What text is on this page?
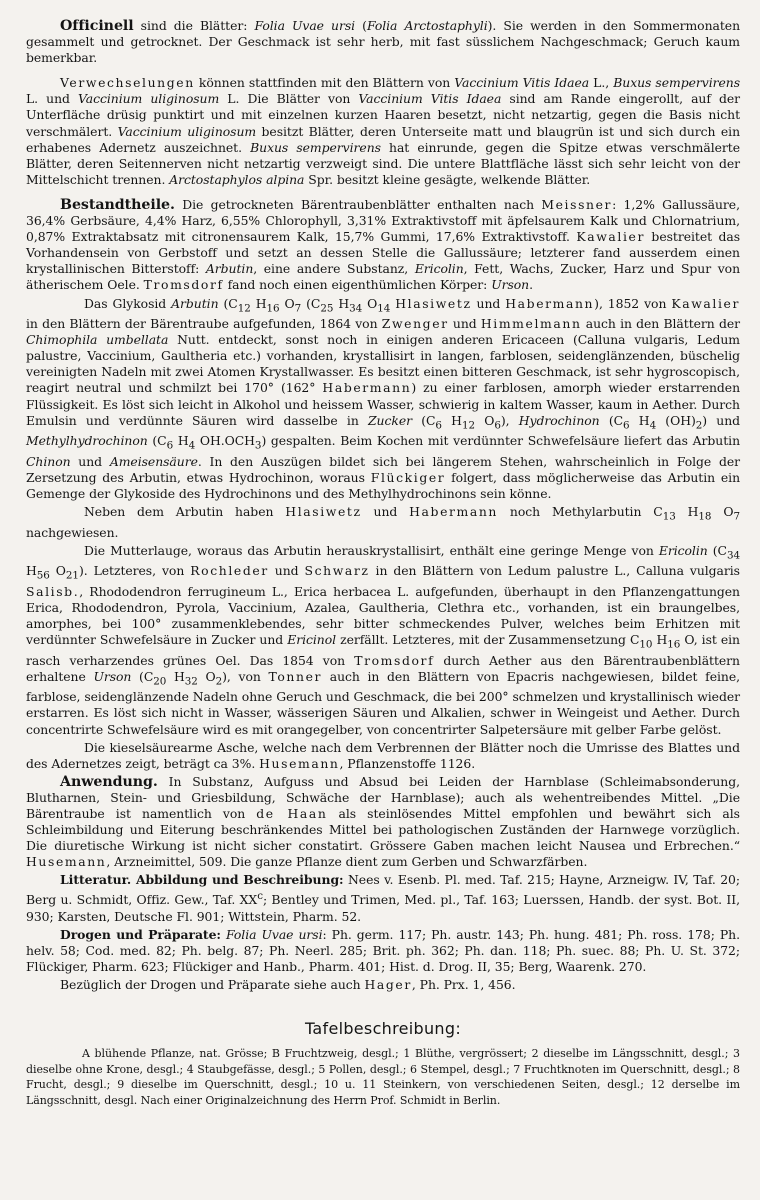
Officinell sind die Blätter: Folia Uvae ursi (Folia Arctostaphyli). Sie werden in den Sommermonaten gesammelt und getrocknet. Der Geschmack ist sehr herb, mit fast süsslichem Nachgeschmack; Geruch kaum bemerkbar.

Verwechselungen können stattfinden mit den Blättern von Vaccinium Vitis Idaea L., Buxus sempervirens L. und Vaccinium uliginosum L. Die Blätter von Vaccinium Vitis Idaea sind am Rande eingerollt, auf der Unterfläche drüsig punktirt und mit einzelnen kurzen Haaren besetzt, nicht netzartig, gegen die Basis nicht verschmälert. Vaccinium uliginosum besitzt Blätter, deren Unterseite matt und blaugrün ist und sich durch ein erhabenes Adernetz auszeichnet. Buxus sempervirens hat einrunde, gegen die Spitze etwas verschmälerte Blätter, deren Seitennerven nicht netzartig verzweigt sind. Die untere Blattfläche lässt sich sehr leicht von der Mittelschicht trennen. Arctostaphylos alpina Spr. besitzt kleine gesägte, welkende Blätter.

Bestandtheile. Die getrockneten Bärentraubenblätter enthalten nach Meissner: 1,2% Gallussäure, 36,4% Gerbsäure, 4,4% Harz, 6,55% Chlorophyll, 3,31% Extraktivstoff mit äpfelsaurem Kalk und Chlornatrium, 0,87% Extraktabsatz mit citronensaurem Kalk, 15,7% Gummi, 17,6% Extraktivstoff. Kawalier bestreitet das Vorhandensein von Gerbstoff und setzt an dessen Stelle die Gallussäure; letzterer fand ausserdem einen krystallinischen Bitterstoff: Arbutin, eine andere Substanz, Ericolin, Fett, Wachs, Zucker, Harz und Spur von ätherischem Oele. Tromsdorf fand noch einen eigenthümlichen Körper: Urson.

Das Glykosid Arbutin ($C_{12}$ $H_{16}$ $O_7$ ($C_{25}$ $H_{34}$ $O_{14}$ Hlasiwetz und Habermann), 1852 von Kawalier in den Blättern der Bärentraube aufgefunden, 1864 von Zwenger und Himmelmann auch in den Blättern der Chimophila umbellata Nutt. entdeckt, sonst noch in einigen anderen Ericaceen (Calluna vulgaris, Ledum palustre, Vaccinium, Gaultheria etc.) vorhanden, krystallisirt in langen, farblosen, seidenglänzenden, büschelig vereinigten Nadeln mit zwei Atomen Krystallwasser. Es besitzt einen bitteren Geschmack, ist sehr hygroscopisch, reagirt neutral und schmilzt bei 170° (162° Habermann) zu einer farblosen, amorph wieder erstarrenden Flüssigkeit. Es löst sich leicht in Alkohol und heissem Wasser, schwierig in kaltem Wasser, kaum in Aether. Durch Emulsin und verdünnte Säuren wird dasselbe in Zucker ($C_6$ $H_{12}$ $O_6$), Hydrochinon ($C_6$ $H_4$ $(OH)_2$) und Methylhydrochinon ($C_6$ $H_4$ $OH.OCH_3$) gespalten. Beim Kochen mit verdünnter Schwefelsäure liefert das Arbutin Chinon und Ameisensäure. In den Auszügen bildet sich bei längerem Stehen, wahrscheinlich in Folge der Zersetzung des Arbutin, etwas Hydrochinon, woraus Flückiger folgert, dass möglicherweise das Arbutin ein Gemenge der Glykoside des Hydrochinons und des Methylhydrochinons sein könne.

Neben dem Arbutin haben Hlasiwetz und Habermann noch Methylarbutin $C_{13}$ $H_{18}$ $O_7$ nachgewiesen.

Die Mutterlauge, woraus das Arbutin herauskrystallisirt, enthält eine geringe Menge von Ericolin ($C_{34}$ $H_{56}$ $O_{21}$). Letzteres, von Rochleder und Schwarz in den Blättern von Ledum palustre L., Calluna vulgaris Salisb., Rhododendron ferrugineum L., Erica herbacea L. aufgefunden, überhaupt in den Pflanzengattungen Erica, Rhododendron, Pyrola, Vaccinium, Azalea, Gaultheria, Clethra etc., vorhanden, ist ein braungelbes, amorphes, bei 100° zusammenklebendes, sehr bitter schmeckendes Pulver, welches beim Erhitzen mit verdünnter Schwefelsäure in Zucker und Ericinol zerfällt. Letzteres, mit der Zusammensetzung $C_{10}$ $H_{16}$ O, ist ein rasch verharzendes grünes Oel. Das 1854 von Tromsdorf durch Aether aus den Bärentraubenblättern erhaltene Urson ($C_{20}$ $H_{32}$ $O_2$), von Tonner auch in den Blättern von Epacris nachgewiesen, bildet feine, farblose, seidenglänzende Nadeln ohne Geruch und Geschmack, die bei 200° schmelzen und krystallinisch wieder erstarren. Es löst sich nicht in Wasser, wässerigen Säuren und Alkalien, schwer in Weingeist und Aether. Durch concentrirte Schwefelsäure wird es mit orangegelber, von concentrirter Salpetersäure mit gelber Farbe gelöst.

Die kieselsäurearme Asche, welche nach dem Verbrennen der Blätter noch die Umrisse des Blattes und des Adernetzes zeigt, beträgt ca 3%. Husemann, Pflanzenstoffe 1126.

Anwendung. In Substanz, Aufguss und Absud bei Leiden der Harnblase (Schleimabsonderung, Blutharnen, Stein- und Griesbildung, Schwäche der Harnblase); auch als wehentreibendes Mittel. „Die Bärentraube ist namentlich von de Haan als steinlösendes Mittel empfohlen und bewährt sich als Schleimbildung und Eiterung beschränkendes Mittel bei pathologischen Zuständen der Harnwege vorzüglich. Die diuretische Wirkung ist nicht sicher constatirt. Grössere Gaben machen leicht Nausea und Erbrechen.“ Husemann, Arzneimittel, 509. Die ganze Pflanze dient zum Gerben und Schwarzfärben.

Litteratur. Abbildung und Beschreibung: Nees v. Esenb. Pl. med. Taf. 215; Hayne, Arzneigw. IV, Taf. 20; Berg u. Schmidt, Offiz. Gew., Taf. $XX^c$; Bentley und Trimen, Med. pl., Taf. 163; Luerssen, Handb. der syst. Bot. II, 930; Karsten, Deutsche Fl. 901; Wittstein, Pharm. 52.

Drogen und Präparate: Folia Uvae ursi: Ph. germ. 117; Ph. austr. 143; Ph. hung. 481; Ph. ross. 178; Ph. helv. 58; Cod. med. 82; Ph. belg. 87; Ph. Neerl. 285; Brit. ph. 362; Ph. dan. 118; Ph. suec. 88; Ph. U. St. 372; Flückiger, Pharm. 623; Flückiger and Hanb., Pharm. 401; Hist. d. Drog. II, 35; Berg, Waarenk. 270.

Bezüglich der Drogen und Präparate siehe auch Hager, Ph. Prx. 1, 456.

Tafelbeschreibung:

A blühende Pflanze, nat. Grösse; B Fruchtzweig, desgl.; 1 Blüthe, vergrössert; 2 dieselbe im Längsschnitt, desgl.; 3 dieselbe ohne Krone, desgl.; 4 Staubgefässe, desgl.; 5 Pollen, desgl.; 6 Stempel, desgl.; 7 Fruchtknoten im Querschnitt, desgl.; 8 Frucht, desgl.; 9 dieselbe im Querschnitt, desgl.; 10 u. 11 Steinkern, von verschiedenen Seiten, desgl.; 12 derselbe im Längsschnitt, desgl. Nach einer Originalzeichnung des Herrn Prof. Schmidt in Berlin.
